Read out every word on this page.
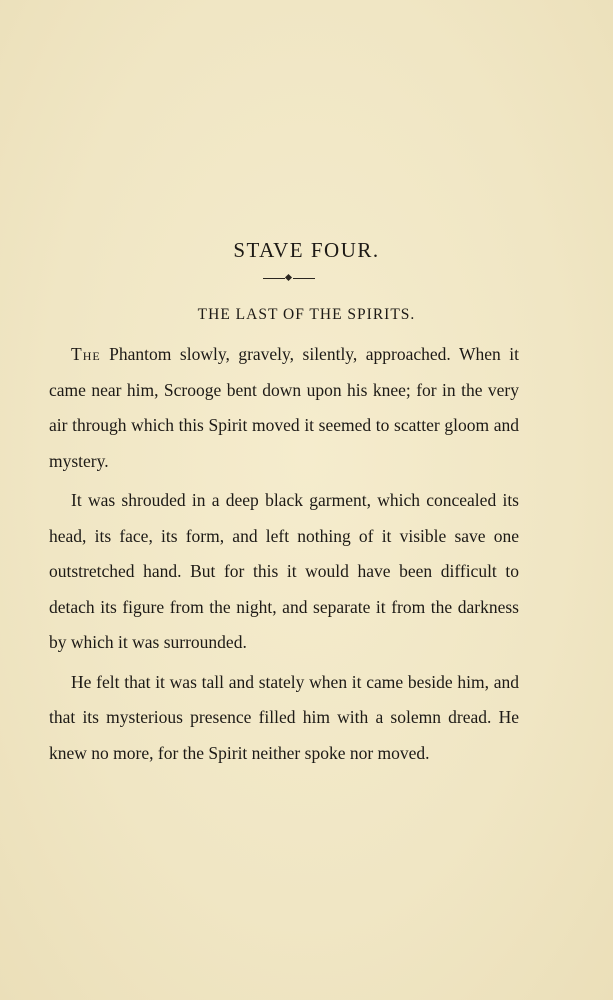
STAVE FOUR.
THE LAST OF THE SPIRITS.

The Phantom slowly, gravely, silently, approached. When it came near him, Scrooge bent down upon his knee; for in the very air through which this Spirit moved it seemed to scatter gloom and mystery.

It was shrouded in a deep black garment, which concealed its head, its face, its form, and left nothing of it visible save one outstretched hand. But for this it would have been difficult to detach its figure from the night, and separate it from the darkness by which it was surrounded.

He felt that it was tall and stately when it came beside him, and that its mysterious presence filled him with a solemn dread. He knew no more, for the Spirit neither spoke nor moved.
